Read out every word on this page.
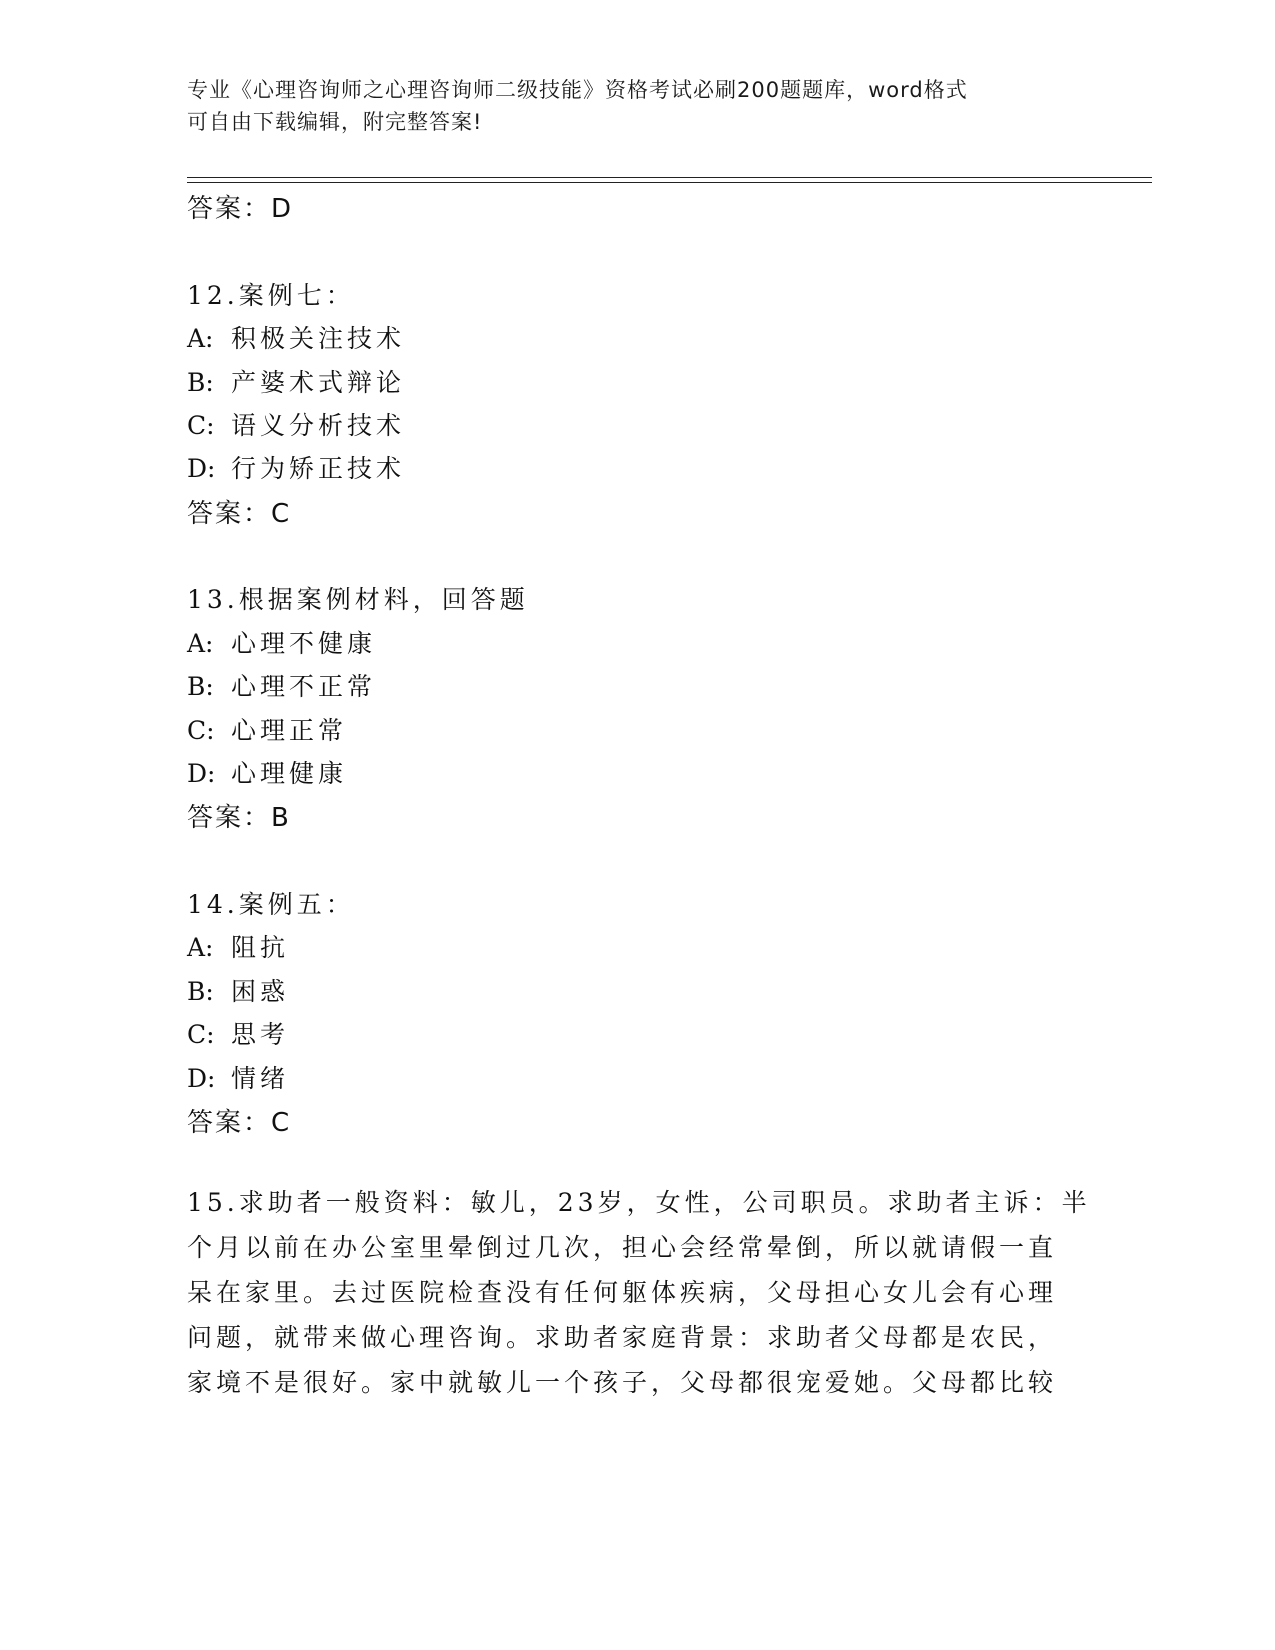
专业《心理咨询师之心理咨询师二级技能》资格考试必刷200题题库，word格式
可自由下载编辑，附完整答案!
答案：D
12.案例七：
A: 积极关注技术
B: 产婆术式辩论
C: 语义分析技术
D: 行为矫正技术
答案：C
13.根据案例材料，回答题
A: 心理不健康
B: 心理不正常
C: 心理正常
D: 心理健康
答案：B
14.案例五：
A: 阻抗
B: 困惑
C: 思考
D: 情绪
答案：C
15.求助者一般资料：敏儿，23岁，女性，公司职员。求助者主诉：半
个月以前在办公室里晕倒过几次，担心会经常晕倒，所以就请假一直
呆在家里。去过医院检查没有任何躯体疾病，父母担心女儿会有心理
问题，就带来做心理咨询。求助者家庭背景：求助者父母都是农民，
家境不是很好。家中就敏儿一个孩子，父母都很宠爱她。父母都比较
